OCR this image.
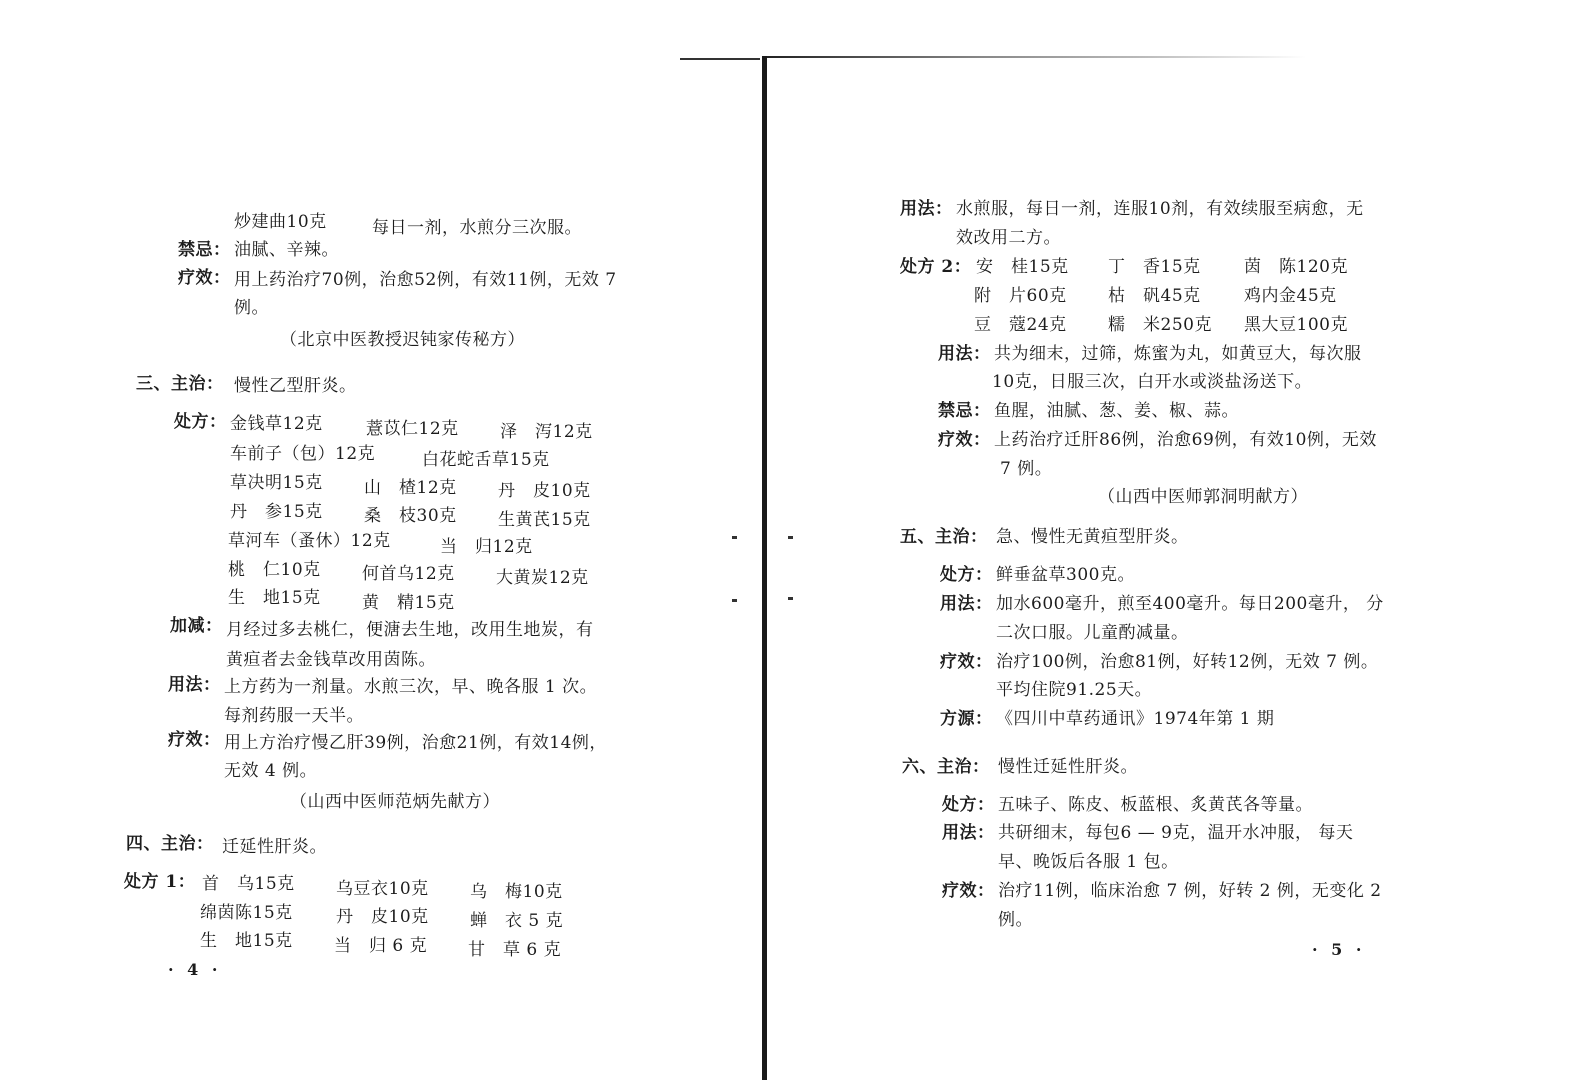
炒建曲10克	每日一剂，水煎分三次服。
禁忌： 油腻、辛辣。
疗效： 用上药治疗70例，治愈52例，有效11例，无效 7
例。
（北京中医教授迟钝家传秘方）
三、主治： 慢性乙型肝炎。
处方： 金钱草12克	薏苡仁12克 泽　泻12克
车前子（包）12克	白花蛇舌草15克
草决明15克 山　楂12克 丹　皮10克
丹　参15克 桑　枝30克 生黄芪15克
草河车（蚤休）12克	当　归12克
桃　仁10克 何首乌12克 大黄炭12克
生　地15克 黄　精15克
加减： 月经过多去桃仁，便溏去生地，改用生地炭，有
黄疸者去金钱草改用茵陈。
用法： 上方药为一剂量。水煎三次，早、晚各服 1 次。
每剂药服一天半。
疗效： 用上方治疗慢乙肝39例，治愈21例，有效14例，
无效 4 例。
（山西中医师范炳先献方）
四、主治： 迁延性肝炎。
处方 1： 首　乌15克 乌豆衣10克 乌　梅10克
绵茵陈15克	丹　皮10克 蝉　衣 5 克
生　地15克 当　归 6 克 甘　草 6 克
· 4 ·
用法： 水煎服，每日一剂，连服10剂，有效续服至病愈，无
效改用二方。
处方 2： 安　桂15克 丁　香15克	茵　陈120克
附　片60克 枯　矾45克	鸡内金45克
豆　蔻24克 糯　米250克 黑大豆100克
用法： 共为细末，过筛，炼蜜为丸，如黄豆大，每次服
10克，日服三次，白开水或淡盐汤送下。
禁忌： 鱼腥，油腻、葱、姜、椒、蒜。
疗效： 上药治疗迁肝86例，治愈69例，有效10例，无效
7 例。
（山西中医师郭洞明献方）
五、主治： 急、慢性无黄疸型肝炎。
处方： 鲜垂盆草300克。
用法： 加水600毫升，煎至400毫升。每日200毫升， 分
二次口服。儿童酌减量。
疗效： 治疗100例，治愈81例，好转12例，无效 7 例。
平均住院91.25天。
方源： 《四川中草药通讯》1974年第 1 期
六、主治： 慢性迁延性肝炎。
处方： 五味子、陈皮、板蓝根、炙黄芪各等量。
用法： 共研细末，每包6 — 9克，温开水冲服， 每天
早、晚饭后各服 1 包。
疗效： 治疗11例，临床治愈 7 例，好转 2 例，无变化 2
例。
· 5 ·
